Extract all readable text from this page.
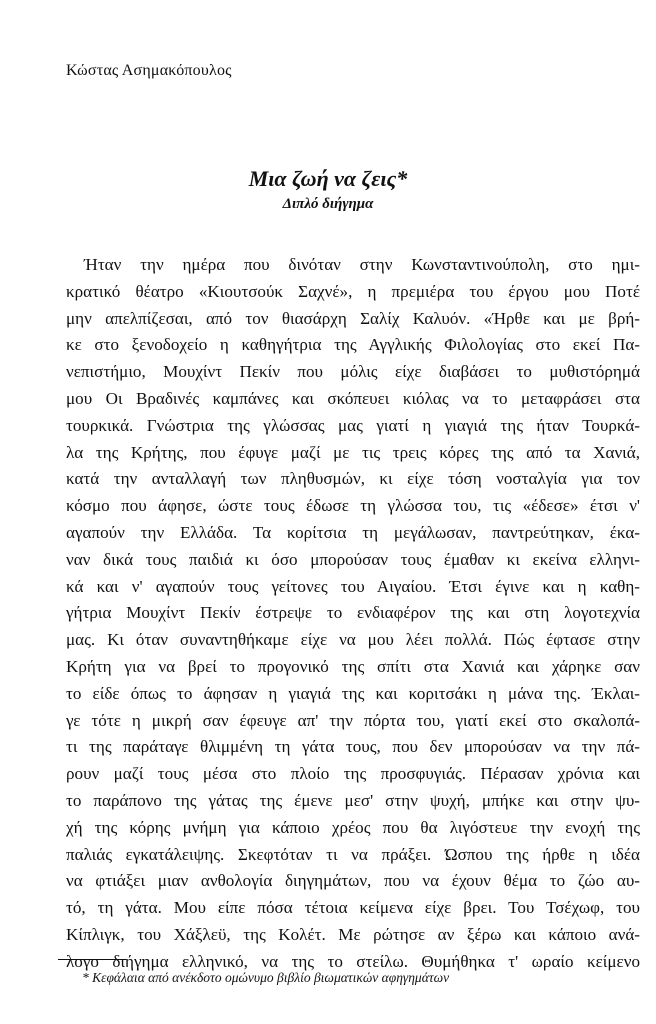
Κώστας Ασημακόπουλος
Μια ζωή να ζεις*
Διπλό διήγημα
Ήταν την ημέρα που δινόταν στην Κωνσταντινούπολη, στο ημι-
κρατικό θέατρο «Κιουτσούκ Σαχνέ», η πρεμιέρα του έργου μου Ποτέ
μην απελπίζεσαι, από τον θιασάρχη Σαλίχ Καλυόν. «Ήρθε και με βρή-
κε στο ξενοδοχείο η καθηγήτρια της Αγγλικής Φιλολογίας στο εκεί Πα-
νεπιστήμιο, Μουχίντ Πεκίν που μόλις είχε διαβάσει το μυθιστόρημά
μου Οι Βραδινές καμπάνες και σκόπευει κιόλας να το μεταφράσει στα
τουρκικά. Γνώστρια της γλώσσας μας γιατί η γιαγιά της ήταν Τουρκά-
λα της Κρήτης, που έφυγε μαζί με τις τρεις κόρες της από τα Χανιά,
κατά την ανταλλαγή των πληθυσμών, κι είχε τόση νοσταλγία για τον
κόσμο που άφησε, ώστε τους έδωσε τη γλώσσα του, τις «έδεσε» έτσι ν'
αγαπούν την Ελλάδα. Τα κορίτσια τη μεγάλωσαν, παντρεύτηκαν, έκα-
ναν δικά τους παιδιά κι όσο μπορούσαν τους έμαθαν κι εκείνα ελληνι-
κά και ν' αγαπούν τους γείτονες του Αιγαίου. Έτσι έγινε και η καθη-
γήτρια Μουχίντ Πεκίν έστρεψε το ενδιαφέρον της και στη λογοτεχνία
μας. Κι όταν συναντηθήκαμε είχε να μου λέει πολλά. Πώς έφτασε στην
Κρήτη για να βρεί το προγονικό της σπίτι στα Χανιά και χάρηκε σαν
το είδε όπως το άφησαν η γιαγιά της και κοριτσάκι η μάνα της. Έκλαι-
γε τότε η μικρή σαν έφευγε απ' την πόρτα του, γιατί εκεί στο σκαλοπά-
τι της παράταγε θλιμμένη τη γάτα τους, που δεν μπορούσαν να την πά-
ρουν μαζί τους μέσα στο πλοίο της προσφυγιάς. Πέρασαν χρόνια και
το παράπονο της γάτας της έμενε μεσ' στην ψυχή, μπήκε και στην ψυ-
χή της κόρης μνήμη για κάποιο χρέος που θα λιγόστευε την ενοχή της
παλιάς εγκατάλειψης. Σκεφτόταν τι να πράξει. Ώσπου της ήρθε η ιδέα
να φτιάξει μιαν ανθολογία διηγημάτων, που να έχουν θέμα το ζώο αυ-
τό, τη γάτα. Μου είπε πόσα τέτοια κείμενα είχε βρει. Του Τσέχωφ, του
Κίπλιγκ, του Χάξλεϋ, της Κολέτ. Με ρώτησε αν ξέρω και κάποιο ανά-
λογο διήγημα ελληνικό, να της το στείλω. Θυμήθηκα τ' ωραίο κείμενο
* Κεφάλαια από ανέκδοτο ομώνυμο βιβλίο βιωματικών αφηγημάτων
